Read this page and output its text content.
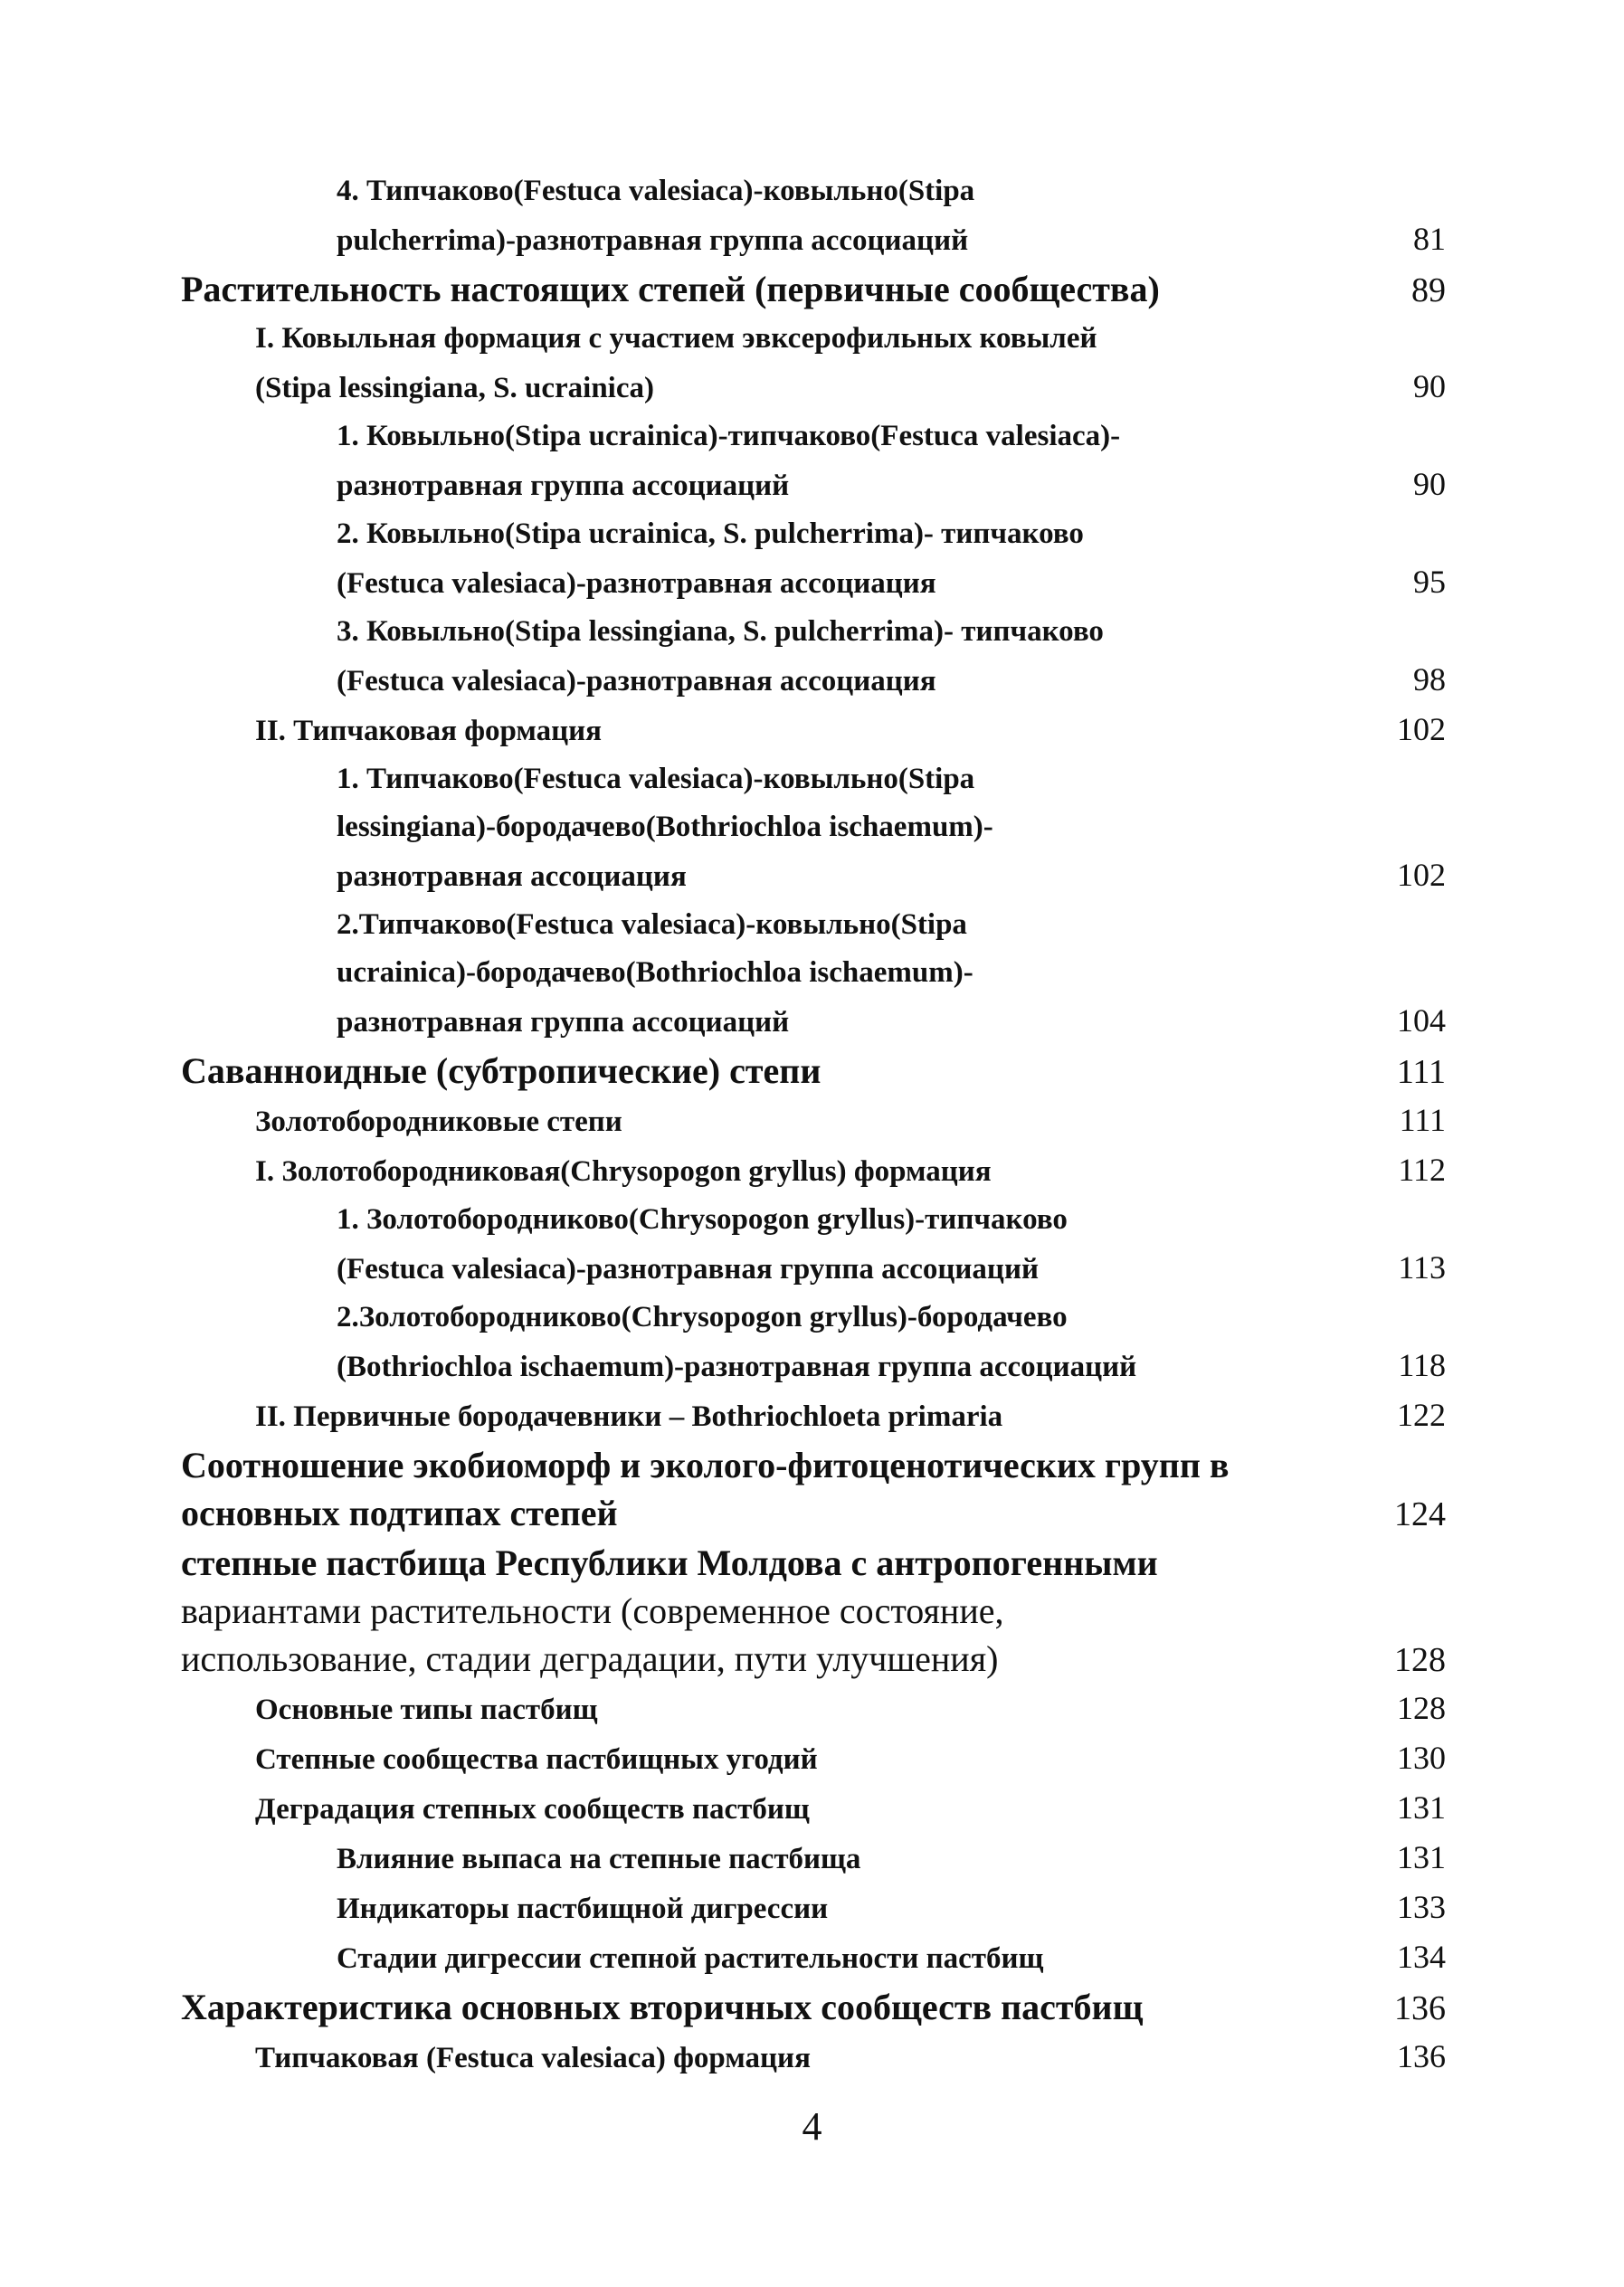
4. Типчаково(Festuca valesiaca)-ковыльно(Stipa
pulcherrima)-разнотравная группа ассоциаций	81
Растительность настоящих степей (первичные сообщества)	89
I. Ковыльная формация с участием эвксерофильных ковылей
(Stipa lessingiana, S. ucrainica)	90
1. Ковыльно(Stipa ucrainica)-типчаково(Festuca valesiaca)-
разнотравная группа ассоциаций	90
2. Ковыльно(Stipa ucrainica, S. pulcherrima)- типчаково
(Festuca valesiaca)-разнотравная ассоциация	95
3. Ковыльно(Stipa lessingiana, S. pulcherrima)- типчаково
(Festuca valesiaca)-разнотравная ассоциация	98
II. Типчаковая формация	102
1. Типчаково(Festuca valesiaca)-ковыльно(Stipa
lessingiana)-бородачево(Bothriochloa ischaemum)-
разнотравная ассоциация	102
2.Типчаково(Festuca valesiaca)-ковыльно(Stipa
ucrainica)-бородачево(Bothriochloa ischaemum)-
разнотравная группа ассоциаций	104
Саванноидные (субтропические) степи	111
Золотобородниковые степи	111
I. Золотобородниковая(Chrysopogon gryllus) формация	112
1. Золотобородниково(Chrysopogon gryllus)-типчаково
(Festuca valesiaca)-разнотравная группа ассоциаций	113
2.Золотобородниково(Chrysopogon gryllus)-бородачево
(Bothriochloa ischaemum)-разнотравная группа ассоциаций	118
II. Первичные бородачевники – Bothriochloeta primaria	122
Соотношение экобиоморф и эколого-фитоценотических групп в
основных подтипах степей	124
степные пастбища Республики Молдова с антропогенными
вариантами растительности (современное состояние,
использование, стадии деградации, пути улучшения)	128
Основные типы пастбищ	128
Степные сообщества пастбищных угодий	130
Деградация степных сообществ пастбищ	131
Влияние выпаса на степные пастбища	131
Индикаторы пастбищной дигрессии	133
Стадии дигрессии степной растительности пастбищ	134
Характеристика основных вторичных сообществ пастбищ	136
Типчаковая (Festuca valesiaca) формация	136
4
